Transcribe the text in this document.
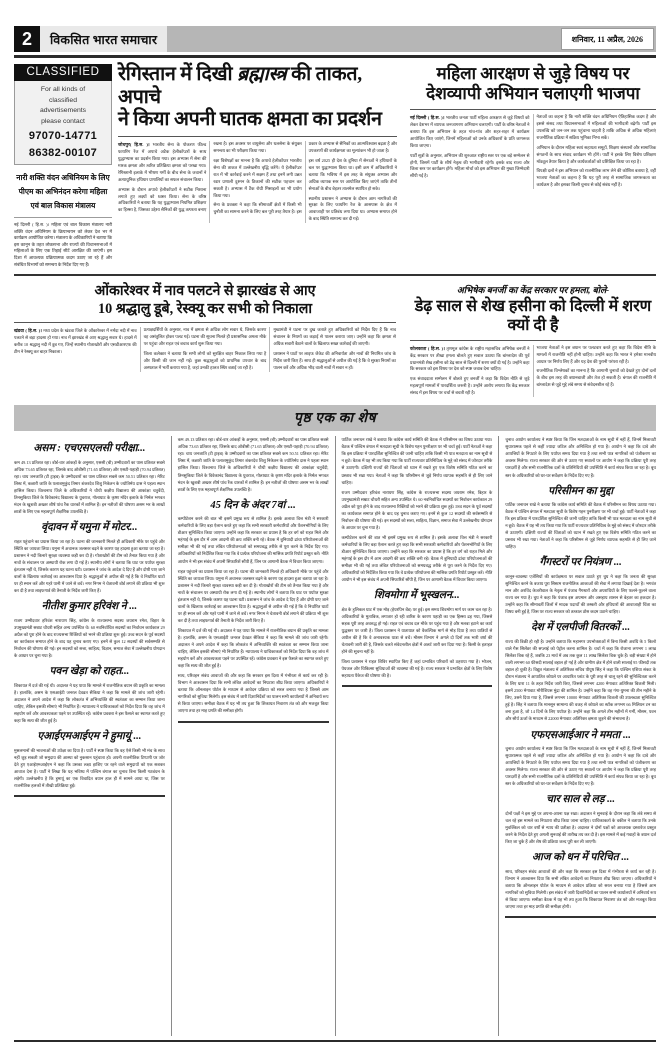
2	विकसित भारत समाचार	शनिवार, 11 अप्रैल, 2026
CLASSIFIED
For all kinds of
classified
advertisements
please contact
97070-14771
86382-00107
नारी शक्ति वंदन अधिनियम के लिए पीएम का अभिनंदन करेगा महिला एवं बाल विकास मंत्रालय
नई दिल्ली ( हि.स. )। महिला एवं बाल विकास मंत्रालय नारी शक्ति वंदन अधिनियम के क्रियान्वयन को लेकर देश भर में कार्यक्रम आयोजित करेगा। मंत्रालय के अधिकारियों ने बताया कि इस कानून के तहत लोकसभा और राज्यों की विधानसभाओं में महिलाओं के लिए एक तिहाई सीटें आरक्षित की जाएंगी। इस दिशा में आवश्यक प्रक्रियात्मक कदम उठाए जा रहे हैं और संबंधित विभागों को समन्वय के निर्देश दिए गए हैं।
रेगिस्तान में दिखी ब्रह्मास्त्र की ताकत, अपाचे
ने किया अपनी घातक क्षमता का प्रदर्शन

जोधपुर( हि.स. )। भारतीय सेना के पोकरण फील्ड फायरिंग रेंज में अपाचे अटैक हेलीकॉप्टरों के साथ युद्धाभ्यास का प्रदर्शन किया गया। इस अभ्यास में सेना की मारक क्षमता और त्वरित प्रतिक्रिया क्षमता को परखा गया। रेगिस्तानी इलाके में भीषण गर्मी के बीच सेना के जवानों ने अत्याधुनिक हथियार प्रणालियों का सफल संचालन किया।

अभ्यास के दौरान अपाचे हेलीकॉप्टरों ने सटीक निशाना लगाते हुए लक्ष्यों को ध्वस्त किया। सेना के वरिष्ठ अधिकारियों ने बताया कि यह युद्धाभ्यास नियमित प्रशिक्षण का हिस्सा है, जिसका उद्देश्य सैनिकों की युद्ध तत्परता बनाए रखना है। इस अवसर पर वायुसेना और थलसेना के संयुक्त समन्वय का भी परीक्षण किया गया।

रक्षा विशेषज्ञों का मानना है कि अपाचे हेलीकॉप्टर भारतीय सेना की ताकत में उल्लेखनीय वृद्धि करेंगे। ये हेलीकॉप्टर रात में भी कार्रवाई करने में सक्षम हैं तथा इनमें लगी उन्नत रडार प्रणाली दुश्मन के ठिकानों की सटीक पहचान कर सकती है। अभ्यास में टैंक रोधी मिसाइलों का भी प्रयोग किया गया।

सेना के प्रवक्ता ने कहा कि सीमावर्ती क्षेत्रों में किसी भी चुनौती का सामना करने के लिए बल पूरी तरह तैयार है। इस प्रकार के अभ्यास से सैनिकों का आत्मविश्वास बढ़ता है और उपकरणों की कार्यक्षमता का मूल्यांकन भी हो जाता है।

इस वर्ष 2025 ही देश के दुनिया में सेनाओं ने हथियारों के बल पर युद्धाभ्यास किया था। इसी क्रम में अधिकारियों ने बताया कि भविष्य में इस तरह के संयुक्त अभ्यास और अधिक व्यापक स्तर पर आयोजित किए जाएंगे ताकि तीनों सेनाओं के बीच बेहतर तालमेल स्थापित हो सके।

स्थानीय प्रशासन ने अभ्यास के दौरान आम नागरिकों की सुरक्षा के लिए फायरिंग रेंज के आसपास के क्षेत्र में आवाजाही पर प्रतिबंध लगा दिया था। अभ्यास समाप्त होने के बाद स्थिति सामान्य कर दी गई।

महिला आरक्षण से जुड़े विषय पर
देशव्यापी अभियान चलाएगी भाजपा

नई दिल्ली ( हि.स. )। भारतीय जनता पार्टी महिला आरक्षण से जुड़े विषयों को लेकर देशभर में व्यापक जनजागरण अभियान चलाएगी। पार्टी के वरिष्ठ नेताओं ने बताया कि इस अभियान के तहत गांव-गांव और शहर-शहर में कार्यक्रम आयोजित किए जाएंगे, जिनमें महिलाओं को उनके अधिकारों के प्रति जागरूक किया जाएगा।

पार्टी सूत्रों के अनुसार, अभियान की शुरुआत राष्ट्रीय स्तर पर एक बड़े सम्मेलन से होगी, जिसमें पार्टी के शीर्ष नेतृत्व की भागीदारी रहेगी। इसके बाद राज्य और जिला स्तर पर कार्यक्रम होंगे। महिला मोर्चा को इस अभियान की मुख्य जिम्मेदारी सौंपी गई है।

नेताओं का कहना है कि नारी शक्ति वंदन अधिनियम ऐतिहासिक कदम है और इससे संसद तथा विधानसभाओं में महिलाओं की भागीदारी बढ़ेगी। पार्टी इस उपलब्धि को जन-जन तक पहुंचाना चाहती है ताकि अधिक से अधिक महिलाएं राजनीतिक प्रक्रिया में सक्रिय भूमिका निभा सकें।

अभियान के दौरान महिला स्वयं सहायता समूहों, शिक्षण संस्थानों और सामाजिक संगठनों के साथ संवाद कार्यक्रम भी होंगे। पार्टी ने इसके लिए विशेष प्रशिक्षण मॉड्यूल तैयार किया है और कार्यकर्ताओं को प्रशिक्षित किया जा रहा है।

विपक्षी दलों ने इस अभियान को राजनीतिक लाभ लेने की कोशिश बताया है, वहीं भाजपा नेताओं का कहना है कि यह पूरी तरह से सामाजिक जागरूकता का कार्यक्रम है और इसका किसी चुनाव से कोई संबंध नहीं है।

ओंकारेश्वर में नाव पलटने से झारखंड से आए
10 श्रद्धालु डूबे, रेस्क्यू कर सभी को निकाला

खंडवा ( हि.स. )। मध्य प्रदेश के खंडवा जिले के ओंकारेश्वर में नर्मदा नदी में नाव पलटने से बड़ा हादसा हो गया। नाव में झारखंड से आए श्रद्धालु सवार थे। हादसे में करीब 10 श्रद्धालु नदी में डूब गए, जिन्हें स्थानीय गोताखोरों और एसडीआरएफ की टीम ने रेस्क्यू कर बाहर निकाला।

प्रत्यक्षदर्शियों के अनुसार, नाव में क्षमता से अधिक लोग सवार थे, जिसके कारण वह असंतुलित होकर पलट गई। घटना की सूचना मिलते ही प्रशासनिक अमला मौके पर पहुंचा और राहत एवं बचाव कार्य शुरू किया गया।

जिला कलेक्टर ने बताया कि सभी लोगों को सुरक्षित बाहर निकाल लिया गया है और किसी की जान नहीं गई। कुछ श्रद्धालुओं को प्राथमिक उपचार के बाद अस्पताल में भर्ती कराया गया है, जहां उनकी हालत स्थिर बताई जा रही है।

मुख्यमंत्री ने घटना पर दुख जताते हुए अधिकारियों को निर्देश दिए हैं कि नाव संचालन के नियमों का कड़ाई से पालन कराया जाए। उन्होंने कहा कि क्षमता से अधिक सवारी बैठाने वालों के खिलाफ सख्त कार्रवाई की जाएगी।

प्रशासन ने घाटों पर लाइफ जैकेट की अनिवार्यता और नावों की नियमित जांच के निर्देश जारी किए हैं। साथ ही श्रद्धालुओं से अपील की गई है कि वे सुरक्षा नियमों का पालन करें और अधिक भीड़ वाली नावों में सवार न हों।

अभिषेक बनर्जी का केंद्र सरकार पर हमला, बोले-
डेढ़ साल से शेख हसीना को दिल्ली में शरण क्यों दी है

कोलकाता ( हि.स. )। तृणमूल कांग्रेस के राष्ट्रीय महासचिव अभिषेक बनर्जी ने केंद्र सरकार पर तीखा हमला बोलते हुए सवाल उठाया कि बांग्लादेश की पूर्व प्रधानमंत्री शेख हसीना को डेढ़ साल से दिल्ली में शरण क्यों दी गई है। उन्होंने कहा कि सरकार को इस विषय पर देश को स्पष्ट जवाब देना चाहिए।

एक संवाददाता सम्मेलन में बोलते हुए बनर्जी ने कहा कि विदेश नीति से जुड़े महत्वपूर्ण मामलों में पारदर्शिता जरूरी है। उन्होंने आरोप लगाया कि केंद्र सरकार संसद में इस विषय पर चर्चा से बचती रही है।

भाजपा नेताओं ने इस बयान पर पलटवार करते हुए कहा कि विदेश नीति के मामलों में राजनीति नहीं होनी चाहिए। उन्होंने कहा कि भारत ने हमेशा मानवीय आधार पर निर्णय लिए हैं और यह देश की पुरानी परंपरा रही है।

राजनीतिक विश्लेषकों का मानना है कि आगामी चुनावों को देखते हुए दोनों दलों के बीच इस तरह की बयानबाजी और तेज हो सकती है। बंगाल की राजनीति में बांग्लादेश से जुड़े मुद्दे लंबे समय से संवेदनशील रहे हैं।

पृष्ठ एक का शेष
असम : एचएसएलसी परीक्षा...

कम 49.13 प्रतिशत रहा। बोर्ड-वार आंकड़ों के अनुसार, एससी (बी) उम्मीदवारों का पास प्रतिशत सबसे अधिक 73.65 प्रतिशत रहा, जिसके बाद ओबीसी (71.65 प्रतिशत) और एसटी-पहाड़ी (70.94 प्रतिशत) रहा। चाय जनजाति (टी ट्राइब) के उम्मीदवारों का पास प्रतिशत सबसे कम 50.51 प्रतिशत रहा। मेरिट लिस्ट में, कछारी जाति के पलाशमुकुंद तिमार शंकरदेव शिशु निकेतन के ज्योतिर्मय दास ने पहला स्थान हासिल किया। विश्वनाथ जिले के अधिकारियों ने चौथी कक्षीय विद्यालय की आकांक्षा चतुर्वेदी, तिनसुकिया जिले के विवेकानंद विद्यालय के युवराज, गोलाघाट के कृष्ण मंदिर इलाके के निर्मल भगवत मंदन के खुशबी अख्तर शीर्ष पांच रैंक धारकों में शामिल हैं। इन नतीजों की घोषणा असम भर के लाखों छात्रों के लिए एक महत्वपूर्ण शैक्षणिक उपलब्धि है।

वृंदावन में यमुना में मोटर...

राहत पहुंचाने का प्रयास किया जा रहा है। घटना की जानकारी मिलते ही अधिकारी मौके पर पहुंचे और स्थिति का जायजा लिया। यमुना में अचानक जलस्तर बढ़ने के कारण यह हादसा हुआ बताया जा रहा है। प्रशासन ने नदी किनारे सुरक्षा व्यवस्था कड़ी कर दी है। गोताखोरों की टीम को तैनात किया गया है और नावों के संचालन पर अस्थायी रोक लगा दी गई है। स्थानीय लोगों ने बताया कि घाट पर पर्याप्त सुरक्षा इंतजाम नहीं थे, जिसके कारण यह घटना घटी। प्रशासन ने जांच के आदेश दे दिए हैं और दोषी पाए जाने वालों के खिलाफ कार्रवाई का आश्वासन दिया है। श्रद्धालुओं से अपील की गई है कि वे निर्धारित घाटों पर ही स्नान करें और गहरे पानी में जाने से बचें। नगर निगम ने चेतावनी बोर्ड लगाने की प्रक्रिया भी शुरू कर दी है तथा लाइफगार्ड की तैनाती के निर्देश जारी किए हैं।

नीतीश कुमार हरिवंश ने ...

राजग उम्मीदवार हरिवंश नारायण सिंह, कांग्रेस के राज्यसभा सदस्य जयराम रमेश, बिहार के उपमुख्यमंत्री सम्राट चौधरी सहित अन्य उपस्थित थे। 60 नवनिर्वाचित सदस्यों का निर्वाचन कार्यकाल 29 अप्रैल को पूरा होने के बाद राज्यसभा रिक्तियों को भरने की प्रक्रिया शुरू हुई। उच्च सदन के पूर्व सदस्यों का कार्यकाल समाप्त होने के बाद यह चुनाव कराए गए। इनमें से कुल 12 सदस्यों की सर्वसम्मति से निर्वाचन की घोषणा की गई। इन सदस्यों को सत्ता, साहित्य, विज्ञान, समाज सेवा में उल्लेखनीय योगदान के आधार पर चुना गया है।

पवन खेड़ा को राहत...

शिकायत में दर्ज की गई थी। अदालत ने यह पाया कि मामले में राजनीतिक बयान की प्रकृति का मामला है। हालांकि, असम के एसआईटी जनरल देवव्रत सैकिया ने कहा कि मामले की जांच जारी रहेगी। अदालत ने अपने आदेश में कहा कि लोकतंत्र में अभिव्यक्ति की स्वतंत्रता का सम्मान किया जाना चाहिए, लेकिन इसकी सीमाएं भी निर्धारित हैं। न्यायालय ने याचिकाकर्ता को निर्देश दिया कि वह जांच में सहयोग करें और आवश्यकता पड़ने पर उपस्थित रहें। कांग्रेस प्रवक्ता ने इस फैसले का स्वागत करते हुए कहा कि सत्य की जीत हुई है।

एआईएमआईएम ने हुमायूं ...

मुसलमानों की भावनाओं की उपेक्षा का दिया है। पार्टी ने स्पष्ट किया कि वह ऐसे किसी भी मंच के साथ नहीं जुड़ सकती जो समुदाय की आस्था को नुकसान पहुंचाता हो। अपनी राजनीतिक टिप्पणी पर जोर देते हुए एआईएमआईएम ने कहा कि उसका लक्ष्य हाशिए पर रहने वाले समुदायों को एक सशक्त आवाज देना है। पार्टी ने लिखा कि यह भविष्य में पश्चिम बंगाल का चुनाव बिना किसी गठबंधन के लड़ेगी। उल्लेखनीय है कि हुमायूं का एक विवादित बयान हाल ही में सामने आया था, जिस पर राजनीतिक हलकों में तीखी प्रतिक्रिया हुई।

कम 49.13 प्रतिशत रहा। बोर्ड-वार आंकड़ों के अनुसार, एससी (बी) उम्मीदवारों का पास प्रतिशत सबसे अधिक 73.65 प्रतिशत रहा, जिसके बाद ओबीसी (71.65 प्रतिशत) और एसटी-पहाड़ी (70.94 प्रतिशत) रहा। चाय जनजाति (टी ट्राइब) के उम्मीदवारों का पास प्रतिशत सबसे कम 50.51 प्रतिशत रहा। मेरिट लिस्ट में, कछारी जाति के पलाशमुकुंद तिमार शंकरदेव शिशु निकेतन के ज्योतिर्मय दास ने पहला स्थान हासिल किया। विश्वनाथ जिले के अधिकारियों ने चौथी कक्षीय विद्यालय की आकांक्षा चतुर्वेदी, तिनसुकिया जिले के विवेकानंद विद्यालय के युवराज, गोलाघाट के कृष्ण मंदिर इलाके के निर्मल भगवत मंदन के खुशबी अख्तर शीर्ष पांच रैंक धारकों में शामिल हैं। इन नतीजों की घोषणा असम भर के लाखों छात्रों के लिए एक महत्वपूर्ण शैक्षणिक उपलब्धि है।

45 दिन के अंदर 7वां ...

कम्पीटेशन करने की बात भी इसमें प्रमुख रूप से शामिल है। इसके अलावा वित्त मंत्री ने सरकारी कर्मचारियों के लिए बड़ा ऐलान करते हुए कहा कि सभी सरकारी कर्मचारियों और पेंशनभोगियों के लिए डीआर सुनिश्चित किया जाएगा। उन्होंने कहा कि सरकार का प्रयास है कि हर वर्ग को राहत मिले और महंगाई के इस दौर में आम आदमी की क्रय शक्ति बनी रहे। बैठक में बुनियादी ढांचा परियोजनाओं की समीक्षा भी की गई तथा लंबित परियोजनाओं को समयबद्ध तरीके से पूरा करने के निर्देश दिए गए। अधिकारियों को निर्देशित किया गया कि वे प्रत्येक परियोजना की मासिक प्रगति रिपोर्ट प्रस्तुत करें। नीति आयोग ने भी इस संबंध में अपनी सिफारिशें सौंपी हैं, जिन पर आगामी बैठक में विचार किया जाएगा।

राहत पहुंचाने का प्रयास किया जा रहा है। घटना की जानकारी मिलते ही अधिकारी मौके पर पहुंचे और स्थिति का जायजा लिया। यमुना में अचानक जलस्तर बढ़ने के कारण यह हादसा हुआ बताया जा रहा है। प्रशासन ने नदी किनारे सुरक्षा व्यवस्था कड़ी कर दी है। गोताखोरों की टीम को तैनात किया गया है और नावों के संचालन पर अस्थायी रोक लगा दी गई है। स्थानीय लोगों ने बताया कि घाट पर पर्याप्त सुरक्षा इंतजाम नहीं थे, जिसके कारण यह घटना घटी। प्रशासन ने जांच के आदेश दे दिए हैं और दोषी पाए जाने वालों के खिलाफ कार्रवाई का आश्वासन दिया है। श्रद्धालुओं से अपील की गई है कि वे निर्धारित घाटों पर ही स्नान करें और गहरे पानी में जाने से बचें। नगर निगम ने चेतावनी बोर्ड लगाने की प्रक्रिया भी शुरू कर दी है तथा लाइफगार्ड की तैनाती के निर्देश जारी किए हैं।

शिकायत में दर्ज की गई थी। अदालत ने यह पाया कि मामले में राजनीतिक बयान की प्रकृति का मामला है। हालांकि, असम के एसआईटी जनरल देवव्रत सैकिया ने कहा कि मामले की जांच जारी रहेगी। अदालत ने अपने आदेश में कहा कि लोकतंत्र में अभिव्यक्ति की स्वतंत्रता का सम्मान किया जाना चाहिए, लेकिन इसकी सीमाएं भी निर्धारित हैं। न्यायालय ने याचिकाकर्ता को निर्देश दिया कि वह जांच में सहयोग करें और आवश्यकता पड़ने पर उपस्थित रहें। कांग्रेस प्रवक्ता ने इस फैसले का स्वागत करते हुए कहा कि सत्य की जीत हुई है।

साथ, परिवहन संबंध आवाजों की और कहा कि सरकार इस दिशा में गंभीरता से कार्य कर रही है। विभाग ने आश्वासन दिया कि सभी लंबित आवेदनों का निपटारा शीघ्र किया जाएगा। अधिकारियों ने बताया कि ऑनलाइन पोर्टल के माध्यम से आवेदन प्रक्रिया को सरल बनाया गया है जिससे आम नागरिकों को सुविधा मिलेगी। इस संबंध में जारी दिशानिर्देशों का पालन सभी कार्यालयों में अनिवार्य रूप से किया जाएगा। समीक्षा बैठक में यह भी तय हुआ कि शिकायत निवारण तंत्र को और मजबूत किया जाएगा तथा हर माह प्रगति की समीक्षा होगी।

पार्टिक जनाथन राखे ने बताया कि कांग्रेस कार्य समिति की बैठक में परिसीमन का विषय उठाया गया। बैठक में पश्चिम बंगाल में मतदाता सूची के विशेष गहन पुनरीक्षण पर भी चर्चा हुई। पार्टी नेताओं ने कहा कि इस प्रक्रिया में पारदर्शिता सुनिश्चित की जानी चाहिए ताकि किसी भी पात्र मतदाता का नाम सूची से न छूटे। बैठक में यह भी तय किया गया कि पार्टी राज्यवार प्रतिनिधित्व के मुद्दे को संसद में जोरदार तरीके से उठाएगी। दक्षिणी राज्यों की चिंताओं को ध्यान में रखते हुए एक विशेष समिति गठित करने का प्रस्ताव भी रखा गया। नेताओं ने कहा कि परिसीमन से जुड़े निर्णय व्यापक सहमति से ही लिए जाने चाहिए।

राजग उम्मीदवार हरिवंश नारायण सिंह, कांग्रेस के राज्यसभा सदस्य जयराम रमेश, बिहार के उपमुख्यमंत्री सम्राट चौधरी सहित अन्य उपस्थित थे। 60 नवनिर्वाचित सदस्यों का निर्वाचन कार्यकाल 29 अप्रैल को पूरा होने के बाद राज्यसभा रिक्तियों को भरने की प्रक्रिया शुरू हुई। उच्च सदन के पूर्व सदस्यों का कार्यकाल समाप्त होने के बाद यह चुनाव कराए गए। इनमें से कुल 12 सदस्यों की सर्वसम्मति से निर्वाचन की घोषणा की गई। इन सदस्यों को सत्ता, साहित्य, विज्ञान, समाज सेवा में उल्लेखनीय योगदान के आधार पर चुना गया है।

कम्पीटेशन करने की बात भी इसमें प्रमुख रूप से शामिल है। इसके अलावा वित्त मंत्री ने सरकारी कर्मचारियों के लिए बड़ा ऐलान करते हुए कहा कि सभी सरकारी कर्मचारियों और पेंशनभोगियों के लिए डीआर सुनिश्चित किया जाएगा। उन्होंने कहा कि सरकार का प्रयास है कि हर वर्ग को राहत मिले और महंगाई के इस दौर में आम आदमी की क्रय शक्ति बनी रहे। बैठक में बुनियादी ढांचा परियोजनाओं की समीक्षा भी की गई तथा लंबित परियोजनाओं को समयबद्ध तरीके से पूरा करने के निर्देश दिए गए। अधिकारियों को निर्देशित किया गया कि वे प्रत्येक परियोजना की मासिक प्रगति रिपोर्ट प्रस्तुत करें। नीति आयोग ने भी इस संबंध में अपनी सिफारिशें सौंपी हैं, जिन पर आगामी बैठक में विचार किया जाएगा।

शिवमोगा में भूस्खलन...

क्षेत्र के हुलिकल घाट में एक मोड़ (हेयरपिन बेंड) पर हुई। इस समय शिवमोगा मार्ग पर काम चल रहा है। अधिकारियों के मुताबिक, लगातार हो रही बारिश के कारण पहाड़ी का एक हिस्सा ढह गया, जिससे सड़क पूरी तरह अवरुद्ध हो गई। राहत एवं बचाव दल मौके पर पहुंच गया है और मलबा हटाने का कार्य युद्धस्तर पर जारी है। जिला प्रशासन ने यातायात को वैकल्पिक मार्ग से मोड़ दिया है तथा यात्रियों से अपील की है कि वे अनावश्यक यात्रा से बचें। मौसम विभाग ने अगले दो दिनों तक भारी वर्षा की चेतावनी जारी की है, जिसके चलते संवेदनशील क्षेत्रों में अलर्ट जारी कर दिया गया है। किसी के हताहत होने की सूचना नहीं है।

जिला प्रशासन ने राहत शिविर स्थापित किए हैं जहां प्रभावित परिवारों को ठहराया गया है। भोजन, पेयजल और चिकित्सा सुविधाओं की व्यवस्था की गई है। राज्य सरकार ने प्रभावित क्षेत्रों के लिए विशेष सहायता पैकेज की घोषणा की है।

चुनाव आयोग कार्यालय ने स्पष्ट किया कि जिन मतदाताओं के नाम सूची में नहीं हैं, जिनमें मिलावटी सुधारात्मक पहले से कहीं ज्यादा जटिल और अनिश्चित हो गया है। आयोग ने कहा कि दावे और आपत्तियों के निपटारे के लिए पर्याप्त समय दिया गया है तथा सभी पात्र नागरिकों को पंजीकरण का अवसर मिलेगा। राज्य सरकार की ओर से उठाए गए सवालों पर आयोग ने कहा कि प्रक्रिया पूरी तरह पारदर्शी है और सभी राजनीतिक दलों के प्रतिनिधियों की उपस्थिति में कार्य संपन्न किया जा रहा है। बूथ स्तर के अधिकारियों को घर-घर सर्वेक्षण के निर्देश दिए गए हैं।

परिसीमन का मुद्दा

पार्टिक जनाथन राखे ने बताया कि कांग्रेस कार्य समिति की बैठक में परिसीमन का विषय उठाया गया। बैठक में पश्चिम बंगाल में मतदाता सूची के विशेष गहन पुनरीक्षण पर भी चर्चा हुई। पार्टी नेताओं ने कहा कि इस प्रक्रिया में पारदर्शिता सुनिश्चित की जानी चाहिए ताकि किसी भी पात्र मतदाता का नाम सूची से न छूटे। बैठक में यह भी तय किया गया कि पार्टी राज्यवार प्रतिनिधित्व के मुद्दे को संसद में जोरदार तरीके से उठाएगी। दक्षिणी राज्यों की चिंताओं को ध्यान में रखते हुए एक विशेष समिति गठित करने का प्रस्ताव भी रखा गया। नेताओं ने कहा कि परिसीमन से जुड़े निर्णय व्यापक सहमति से ही लिए जाने चाहिए।

गैंगस्टरों पर नियंत्रण ...

कानून-व्यवस्था एजेंसियों की कार्यक्षमता पर सवाल उठाते हुए चुघ ने कहा कि जनता की सुरक्षा सुनिश्चित करने के बजाय पूरा सिस्टम राजनीतिक आकाओं की सेवा में लगाया दिखाई देता है। भगवंत मान और अरविंद केजरीवाल के नेतृत्व में पंजाब गैंगस्टरों और अपराधियों के लिए फलने-फूलने वाला राज्य बन गया है। चुघ ने कहा कि पंजाब इस अपमान और असहाय शासन से बेहतर का हकदार है। उन्होंने कहा कि सीमावर्ती जिलों में मादक पदार्थों की तस्करी और हथियारों की आवाजाही चिंता का विषय बनी हुई है, जिस पर राज्य सरकार को तत्काल ठोस कदम उठाने चाहिए।

देश में एलपीजी वितरकों ...

राज्य की बिक्री हो रही है। उन्होंने बताया कि महानगर उपभोक्ताओं में बिना किसी अवधि के 5 किलो वाले गैस सिलेंडर की सप्लाई को पेट्रोल करना शामिल है। चर्चा में कहा कि रोजाना लगभग 1 लाख सिलेंडर बिक रहे हैं, जबकि 23 मार्च में अब तक कुल 11 लाख सिलेंडर बिक चुके हैं। बड़ी संख्या में होने वाली लगभग 60 फीसदी सप्लाई बहाल हो गई है और ग्रामीण क्षेत्र में होने वाली सप्लाई 95 फीसदी तक बहाल हो चुकी है। विद्युत मंत्रालय में अतिरिक्त सचिव पीयूष सिंह ने कहा कि पश्चिम एशिया संकट के दौरान मंत्रालय ने आपातित कोयले पर आधारित प्लांट के पूरी तरह से चालू रहने की सुनिश्चितता करने के लिए धारा 11 के तहत निर्देश जारी किए, जिससे लगभग 4200 मेगावाट अतिरिक्त बिजली मिली। इसमें 2500 मेगावाट मौरीशियस मुंद्रा की शामिल है। उन्होंने कहा कि वह गंगा-युमना की तीन महीने के लिए, उसने दिया गया है, जिससे लगभग 10000 मेगावाट अतिरिक्त बिजली की उपलब्धता सुनिश्चित हुई है। सिंह ने बताया कि मानसून सामान्य की वजह से कोयले का स्टॉक लगभग 66 मिलियन टन का बना हुआ है, जो 14 दिनों के लिए पर्याप्त है। उन्होंने कहा कि अगले तीन महीनों में गर्मी, मौसम, पवन और सौर्य ऊर्जा के माध्यम से 22000 मेगावाट अतिरिक्त क्षमता जुड़ने की संभावना है।

एफएसआईआर ने ममता ...

चुनाव आयोग कार्यालय ने स्पष्ट किया कि जिन मतदाताओं के नाम सूची में नहीं हैं, जिनमें मिलावटी सुधारात्मक पहले से कहीं ज्यादा जटिल और अनिश्चित हो गया है। आयोग ने कहा कि दावे और आपत्तियों के निपटारे के लिए पर्याप्त समय दिया गया है तथा सभी पात्र नागरिकों को पंजीकरण का अवसर मिलेगा। राज्य सरकार की ओर से उठाए गए सवालों पर आयोग ने कहा कि प्रक्रिया पूरी तरह पारदर्शी है और सभी राजनीतिक दलों के प्रतिनिधियों की उपस्थिति में कार्य संपन्न किया जा रहा है। बूथ स्तर के अधिकारियों को घर-घर सर्वेक्षण के निर्देश दिए गए हैं।

चार साल से लड़ ...

दोनों पक्षों ने इस मुद्दे पर अपना-अपना पक्ष रखा। अदालत ने सुनवाई के दौरान कहा कि लंबे समय से चल रहे इस मामले का निपटारा शीघ्र किया जाना चाहिए। याचिकाकर्ता के वकील ने बताया कि उनके मुवक्किल को चार वर्षों से न्याय की प्रतीक्षा है। अदालत ने दोनों पक्षों को आवश्यक दस्तावेज प्रस्तुत करने के निर्देश देते हुए अगली सुनवाई की तारीख तय कर दी है। इस मामले में कई गवाहों के बयान दर्ज किए जा चुके हैं और शेष की प्रक्रिया जल्द पूरी कर ली जाएगी।

आज को धन में परिचित ...

साथ, परिवहन संबंध आवाजों की और कहा कि सरकार इस दिशा में गंभीरता से कार्य कर रही है। विभाग ने आश्वासन दिया कि सभी लंबित आवेदनों का निपटारा शीघ्र किया जाएगा। अधिकारियों ने बताया कि ऑनलाइन पोर्टल के माध्यम से आवेदन प्रक्रिया को सरल बनाया गया है जिससे आम नागरिकों को सुविधा मिलेगी। इस संबंध में जारी दिशानिर्देशों का पालन सभी कार्यालयों में अनिवार्य रूप से किया जाएगा। समीक्षा बैठक में यह भी तय हुआ कि शिकायत निवारण तंत्र को और मजबूत किया जाएगा तथा हर माह प्रगति की समीक्षा होगी।
